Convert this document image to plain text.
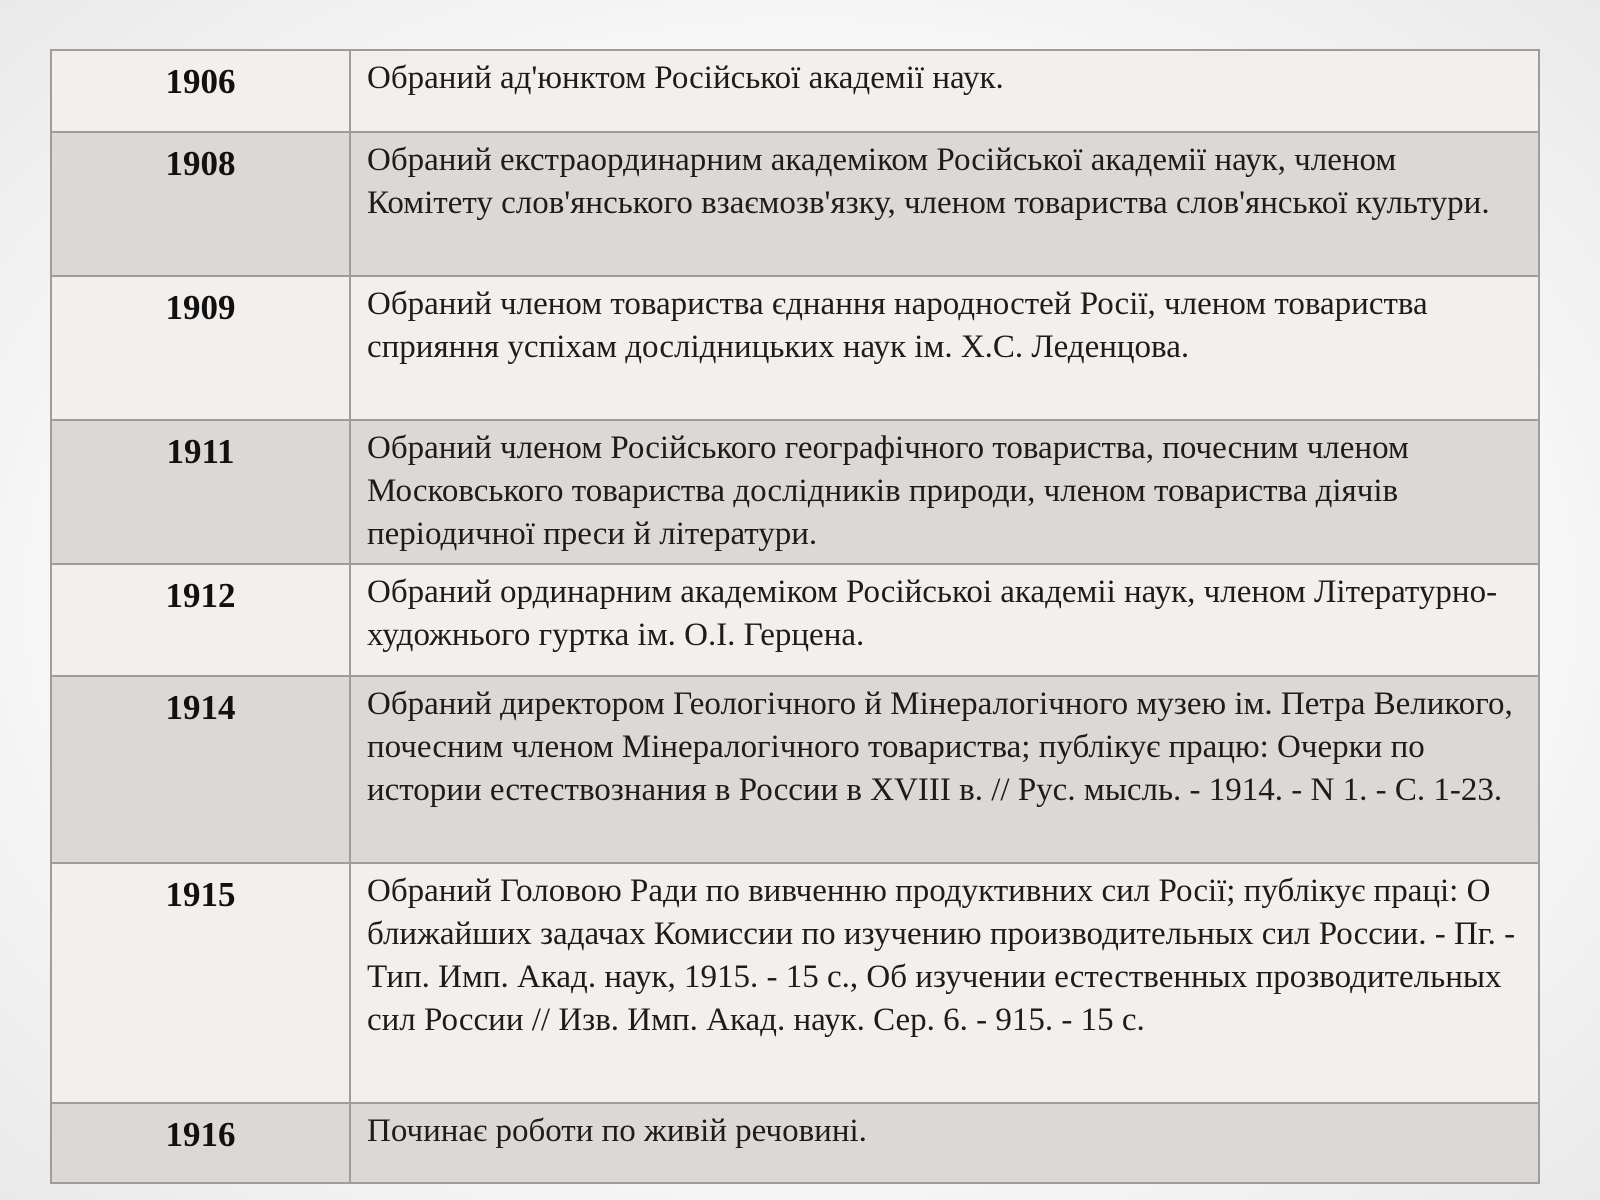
1906	Обраний ад'юнктом Російської академії наук.
1908	Обраний екстраординарним академіком Російської академії наук, членом Комітету слов'янського взаємозв'язку, членом товариства слов'янської культури.
1909	Обраний членом товариства єднання народностей Росії, членом товариства сприяння успіхам дослідницьких наук ім. Х.С. Леденцова.
1911	Обраний членом Російського географічного товариства, почесним членом Московського товариства дослідників природи, членом товариства діячів періодичної преси й літератури.
1912	Обраний ординарним академіком Російськоі академіі наук, членом Літературно-художнього гуртка ім. О.І. Герцена.
1914	Обраний директором Геологічного й Мінералогічного музею ім. Петра Великого, почесним членом Мінералогічного товариства; публікує працю: Очерки по истории естествознания в России в XVIII в. // Рус. мысль. - 1914. - N 1. - С. 1-23.
1915	Обраний Головою Ради по вивченню продуктивних сил Росії; публікує праці: О ближайших задачах Комиссии по изучению производительных сил России. - Пг. - Тип. Имп. Акад. наук, 1915. - 15 с., Об изучении естественных прозводительных сил России // Изв. Имп. Акад. наук. Сер. 6. - 915. - 15 с.
1916	Починає роботи по живій речовині.
